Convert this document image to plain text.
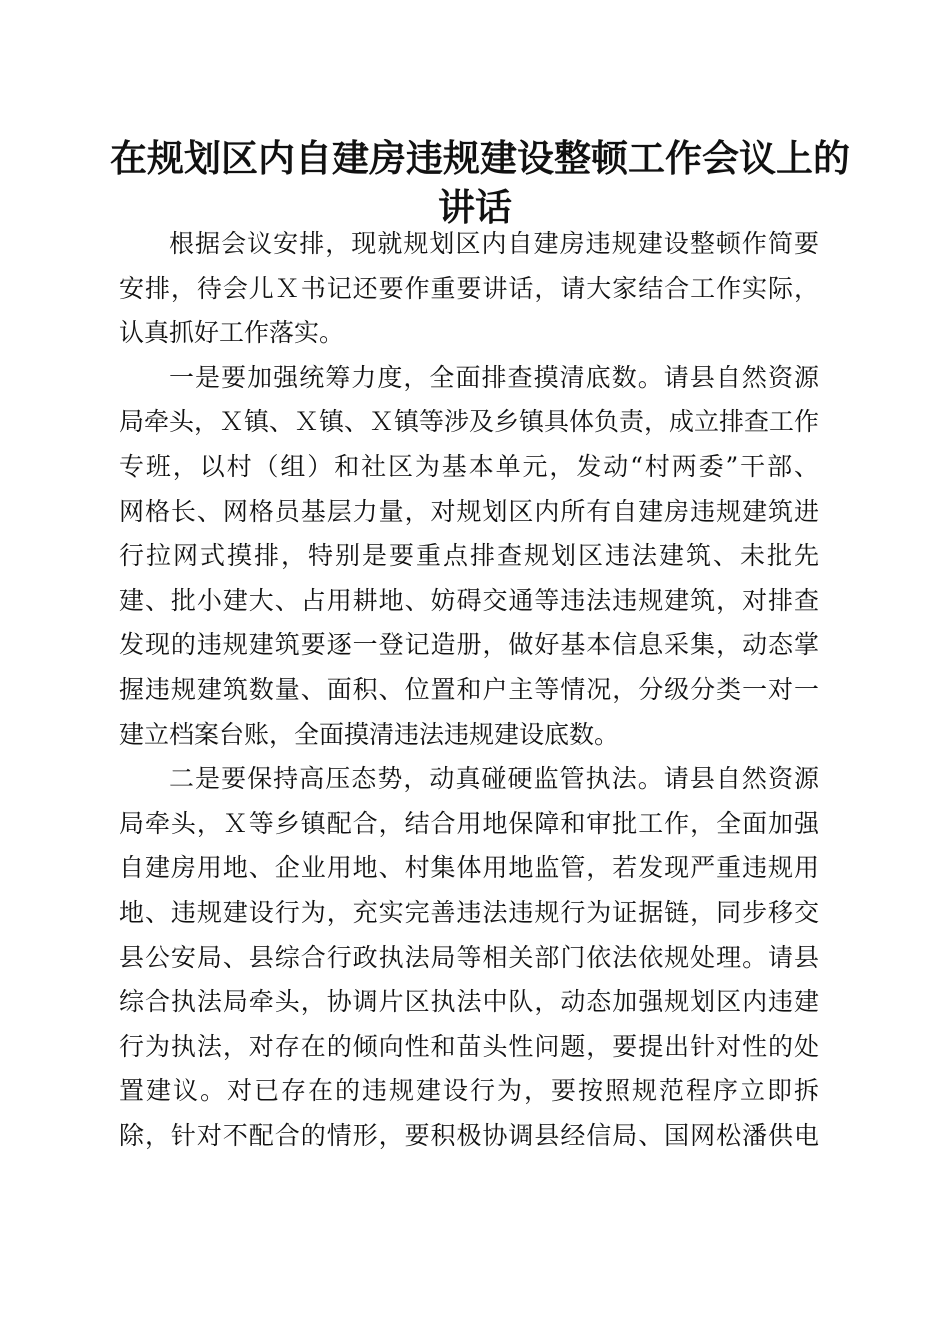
在规划区内自建房违规建设整顿工作会议上的
讲话
根据会议安排，现就规划区内自建房违规建设整顿作简要
安排，待会儿Ｘ书记还要作重要讲话，请大家结合工作实际，
认真抓好工作落实。
一是要加强统筹力度，全面排查摸清底数。请县自然资源
局牵头，Ｘ镇、Ｘ镇、Ｘ镇等涉及乡镇具体负责，成立排查工作
专班，以村（组）和社区为基本单元，发动“村两委”干部、
网格长、网格员基层力量，对规划区内所有自建房违规建筑进
行拉网式摸排，特别是要重点排查规划区违法建筑、未批先
建、批小建大、占用耕地、妨碍交通等违法违规建筑，对排查
发现的违规建筑要逐一登记造册，做好基本信息采集，动态掌
握违规建筑数量、面积、位置和户主等情况，分级分类一对一
建立档案台账，全面摸清违法违规建设底数。
二是要保持高压态势，动真碰硬监管执法。请县自然资源
局牵头，Ｘ等乡镇配合，结合用地保障和审批工作，全面加强
自建房用地、企业用地、村集体用地监管，若发现严重违规用
地、违规建设行为，充实完善违法违规行为证据链，同步移交
县公安局、县综合行政执法局等相关部门依法依规处理。请县
综合执法局牵头，协调片区执法中队，动态加强规划区内违建
行为执法，对存在的倾向性和苗头性问题，要提出针对性的处
置建议。对已存在的违规建设行为，要按照规范程序立即拆
除，针对不配合的情形，要积极协调县经信局、国网松潘供电
